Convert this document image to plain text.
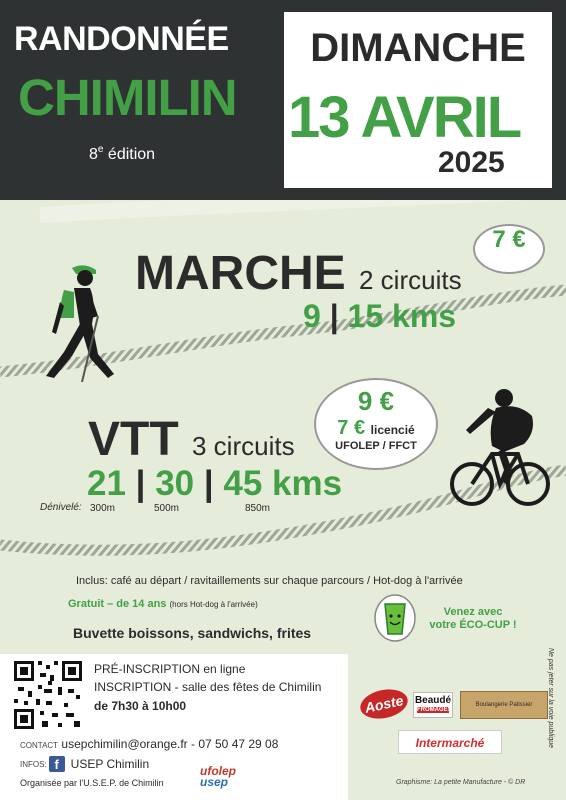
RANDONNÉE
CHIMILIN
8e édition
DIMANCHE
13 AVRIL
2025
MARCHE 2 circuits
9 | 15 kms
7 €
9 €
7 € licencié
UFOLEP / FFCT
VTT 3 circuits
21 | 30 | 45 kms
Dénivelé: 300m	500m	850m
Inclus: café au départ / ravitaillements sur chaque parcours / Hot-dog à l'arrivée
Gratuit – de 14 ans (hors Hot-dog à l'arrivée)
Buvette boissons, sandwichs, frites
Venez avec
votre ÉCO-CUP !
PRÉ-INSCRIPTION en ligne
INSCRIPTION - salle des fêtes de Chimilin
de 7h30 à 10h00
CONTACT usepchimilin@orange.fr - 07 50 47 29 08
INFOS: f USEP Chimilin
Organisée par l'U.S.E.P. de Chimilin
ufolep
usep
Aoste	Beaudé
FROMAGES
Boulangerie Patissier
Intermarché
Graphisme: La petite Manufacture - © DR
Ne pas jeter sur la voie publique
